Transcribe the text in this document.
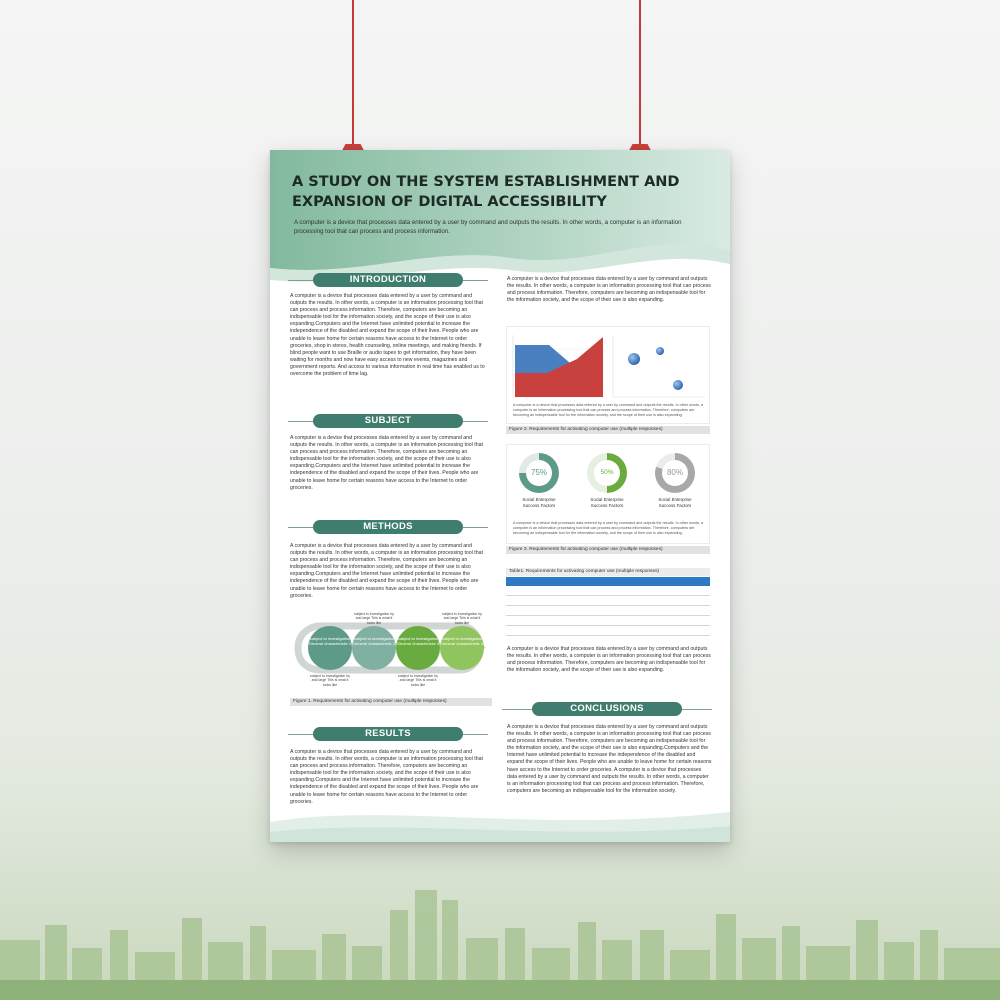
A STUDY ON THE SYSTEM ESTABLISHMENT AND EXPANSION OF DIGITAL ACCESSIBILITY
A computer is a device that processes data entered by a user by command and outputs the results. In other words, a computer is an information processing tool that can process and process information.
INTRODUCTION
A computer is a device that processes data entered by a user by command and outputs the results. In other words, a computer is an information processing tool that can process and process information. Therefore, computers are becoming an indispensable tool for the information society, and the scope of their use is also expanding.Computers and the Internet have unlimited potential to increase the independence of the disabled and expand the scope of their lives. People who are unable to leave home for certain reasons have access to the Internet to order groceries, shop in stores, health counseling, online meetings, and making friends. If blind people want to use Braille or audio tapes to get information, they have been waiting for months and now have easy access to new events, magazines and government reports. And access to various information in real time has enabled us to overcome the problem of time lag.
SUBJECT
A computer is a device that processes data entered by a user by command and outputs the results. In other words, a computer is an information processing tool that can process and process information. Therefore, computers are becoming an indispensable tool for the information society, and the scope of their use is also expanding.Computers and the Internet have unlimited potential to increase the independence of the disabled and expand the scope of their lives. People who are unable to leave home for certain reasons have access to the Internet to order groceries.
METHODS
A computer is a device that processes data entered by a user by command and outputs the results. In other words, a computer is an information processing tool that can process and process information. Therefore, computers are becoming an indispensable tool for the information society, and the scope of their use is also expanding.Computers and the Internet have unlimited potential to increase the independence of the disabled and expand the scope of their lives. People who are unable to leave home for certain reasons have access to the Internet to order groceries.
subject to investigation General characteristic 1
subject to investigation General characteristic 2
subject to investigation General characteristic 3
subject to investigation General characteristic 4
subject to investigation by and large This is what it looks like
subject to investigation by and large This is what it looks like
subject to investigation by and large This is what it looks like
subject to investigation by and large This is what it looks like
Figure 1. Requirements for activating computer use (multiple responses)
RESULTS
A computer is a device that processes data entered by a user by command and outputs the results. In other words, a computer is an information processing tool that can process and process information. Therefore, computers are becoming an indispensable tool for the information society, and the scope of their use is also expanding.Computers and the Internet have unlimited potential to increase the independence of the disabled and expand the scope of their lives. People who are unable to leave home for certain reasons have access to the Internet to order groceries.
A computer is a device that processes data entered by a user by command and outputs the results. In other words, a computer is an information processing tool that can process and process information. Therefore, computers are becoming an indispensable tool for the information society, and the scope of their use is also expanding.
A computer is a device that processes data entered by a user by command and outputs the results. In other words, a computer is an information processing tool that can process and process information. Therefore, computers are becoming an indispensable tool for the information society, and the scope of their use is also expanding.
Figure 2. Requirements for activating computer use (multiple responses)
75%	50%	80%
Social Enterprise
Success Factors
Social Enterprise
Success Factors
Social Enterprise
Success Factors
A computer is a device that processes data entered by a user by command and outputs the results. In other words, a computer is an information processing tool that can process and process information. Therefore, computers are becoming an indispensable tool for the information society, and the scope of their use is also expanding.
Figure 3. Requirements for activating computer use (multiple responses)
Table1. Requirements for activating computer use (multiple responses)
A computer is a device that processes data entered by a user by command and outputs the results. In other words, a computer is an information processing tool that can process and process information. Therefore, computers are becoming an indispensable tool for the information society, and the scope of their use is also expanding.
CONCLUSIONS
A computer is a device that processes data entered by a user by command and outputs the results. In other words, a computer is an information processing tool that can process and process information. Therefore, computers are becoming an indispensable tool for the information society, and the scope of their use is also expanding.Computers and the Internet have unlimited potential to increase the independence of the disabled and expand the scope of their lives. People who are unable to leave home for certain reasons have access to the Internet to order groceries. A computer is a device that processes data entered by a user by command and outputs the results. In other words, a computer is an information processing tool that can process and process information. Therefore, computers are becoming an indispensable tool for the information society.
